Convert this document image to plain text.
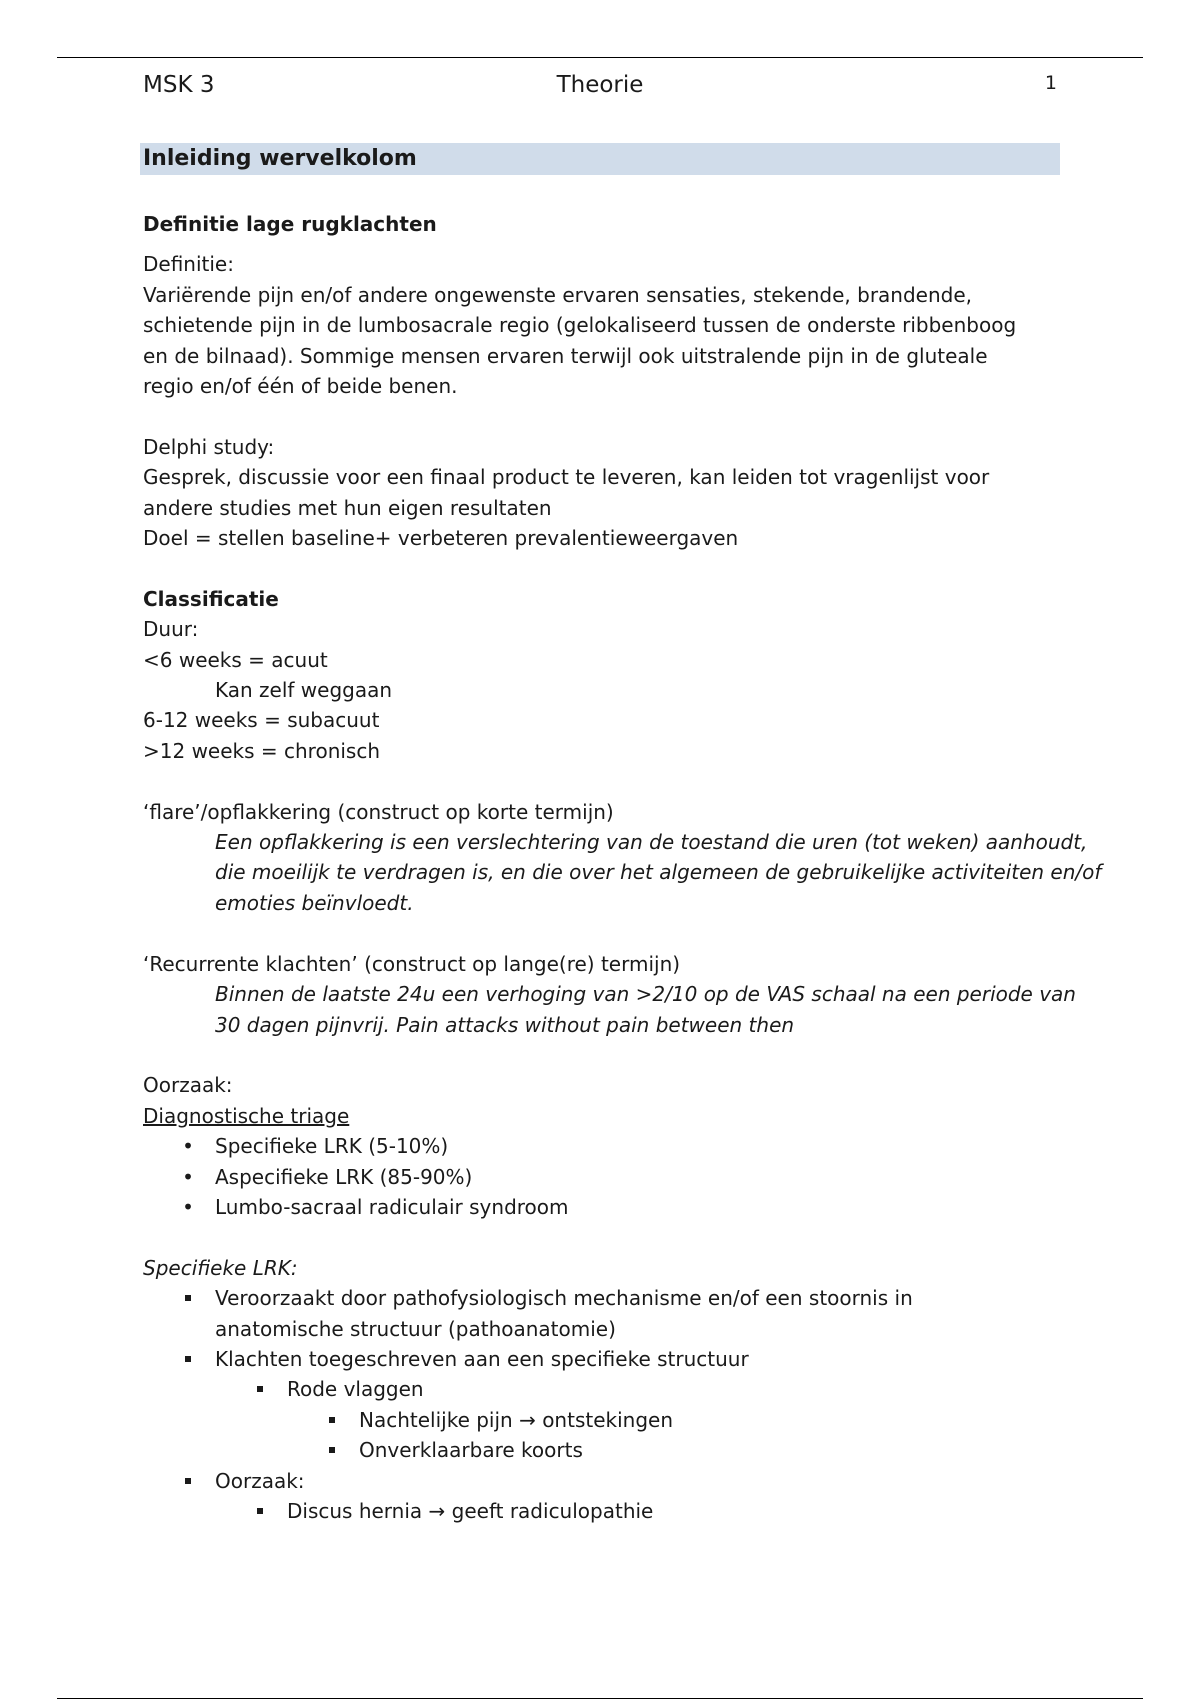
MSK 3	Theorie	1
Inleiding wervelkolom
Definitie lage rugklachten
Definitie:
Variërende pijn en/of andere ongewenste ervaren sensaties, stekende, brandende,
schietende pijn in de lumbosacrale regio (gelokaliseerd tussen de onderste ribbenboog
en de bilnaad). Sommige mensen ervaren terwijl ook uitstralende pijn in de gluteale
regio en/of één of beide benen.
Delphi study:
Gesprek, discussie voor een finaal product te leveren, kan leiden tot vragenlijst voor
andere studies met hun eigen resultaten
Doel = stellen baseline+ verbeteren prevalentieweergaven
Classificatie
Duur:
<6 weeks = acuut
Kan zelf weggaan
6-12 weeks = subacuut
>12 weeks = chronisch
‘flare’/opflakkering (construct op korte termijn)
Een opflakkering is een verslechtering van de toestand die uren (tot weken) aanhoudt,
die moeilijk te verdragen is, en die over het algemeen de gebruikelijke activiteiten en/of
emoties beïnvloedt.
‘Recurrente klachten’ (construct op lange(re) termijn)
Binnen de laatste 24u een verhoging van >2/10 op de VAS schaal na een periode van
30 dagen pijnvrij. Pain attacks without pain between then
Oorzaak:
Diagnostische triage
•
Specifieke LRK (5-10%)
•
Aspecifieke LRK (85-90%)
•
Lumbo-sacraal radiculair syndroom
Specifieke LRK:
Veroorzaakt door pathofysiologisch mechanisme en/of een stoornis in
anatomische structuur (pathoanatomie)
Klachten toegeschreven aan een specifieke structuur
Rode vlaggen
Nachtelijke pijn → ontstekingen
Onverklaarbare koorts
Oorzaak:
Discus hernia → geeft radiculopathie
